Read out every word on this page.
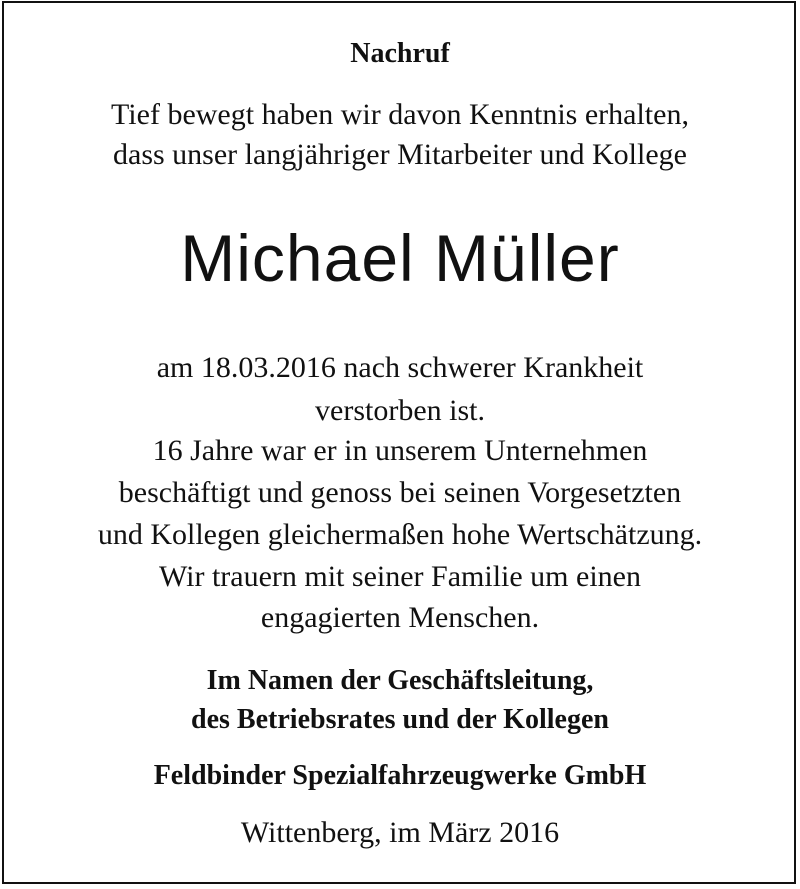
Nachruf
Tief bewegt haben wir davon Kenntnis erhalten,
dass unser langjähriger Mitarbeiter und Kollege
Michael Müller
am 18.03.2016 nach schwerer Krankheit
verstorben ist.
16 Jahre war er in unserem Unternehmen
beschäftigt und genoss bei seinen Vorgesetzten
und Kollegen gleichermaßen hohe Wertschätzung.
Wir trauern mit seiner Familie um einen
engagierten Menschen.
Im Namen der Geschäftsleitung,
des Betriebsrates und der Kollegen
Feldbinder Spezialfahrzeugwerke GmbH
Wittenberg, im März 2016
